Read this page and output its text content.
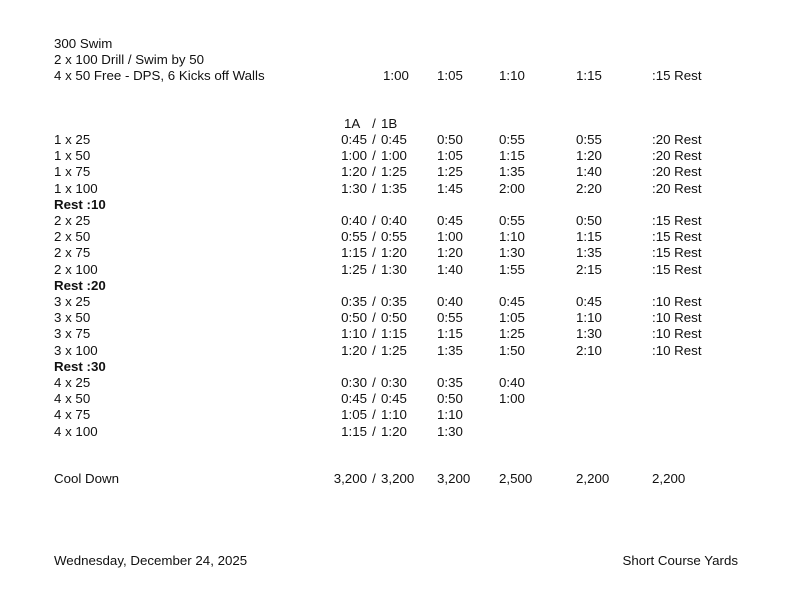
300 Swim
2 x 100 Drill / Swim by 50
4 x 50 Free - DPS, 6 Kicks off Walls	1:00 1:05	1:10	1:15	:15 Rest
1A / 1B
1 x 25	0:45 / 0:45 0:50	0:55	0:55	:20 Rest
1 x 50	1:00 / 1:00 1:05	1:15	1:20	:20 Rest
1 x 75	1:20 / 1:25 1:25	1:35	1:40	:20 Rest
1 x 100	1:30 / 1:35 1:45	2:00	2:20	:20 Rest
Rest :10
2 x 25	0:40 / 0:40 0:45	0:55	0:50	:15 Rest
2 x 50	0:55 / 0:55 1:00	1:10	1:15	:15 Rest
2 x 75	1:15 / 1:20 1:20	1:30	1:35	:15 Rest
2 x 100	1:25 / 1:30 1:40	1:55	2:15	:15 Rest
Rest :20
3 x 25	0:35 / 0:35 0:40	0:45	0:45	:10 Rest
3 x 50	0:50 / 0:50 0:55	1:05	1:10	:10 Rest
3 x 75	1:10 / 1:15 1:15	1:25	1:30	:10 Rest
3 x 100	1:20 / 1:25 1:35	1:50	2:10	:10 Rest
Rest :30
4 x 25	0:30 / 0:30 0:35	0:40
4 x 50	0:45 / 0:45 0:50	1:00
4 x 75	1:05 / 1:10 1:10
4 x 100	1:15 / 1:20 1:30
Cool Down	3,200 / 3,200 3,200 2,500	2,200	2,200
Wednesday, December 24, 2025	Short Course Yards
